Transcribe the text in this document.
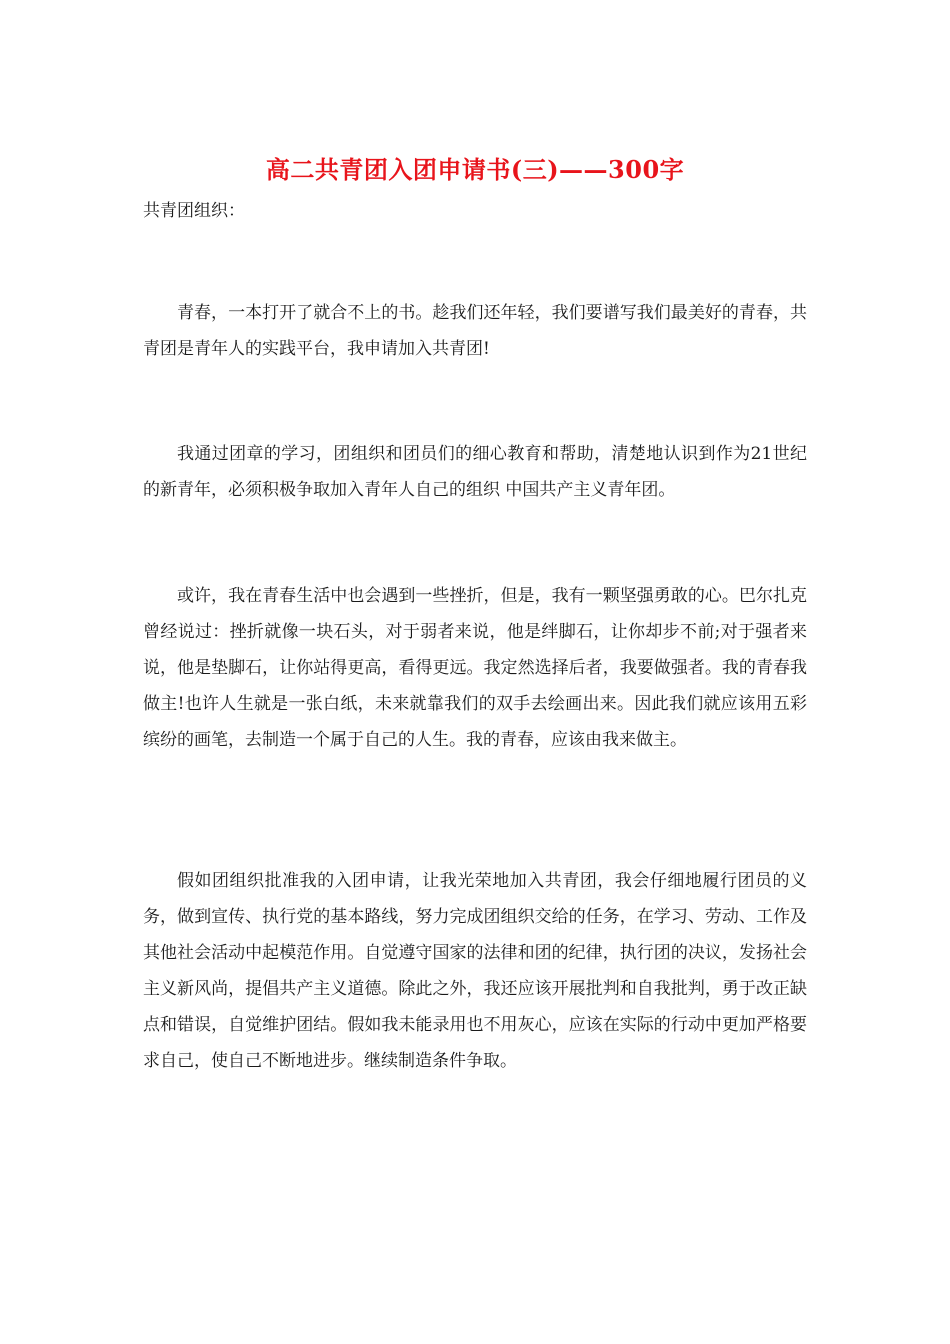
高二共青团入团申请书(三)——300字
共青团组织：

青春，一本打开了就合不上的书。趁我们还年轻，我们要谱写我们最美好的青春，共青团是青年人的实践平台，我申请加入共青团!

我通过团章的学习，团组织和团员们的细心教育和帮助，清楚地认识到作为21世纪的新青年，必须积极争取加入青年人自己的组织 中国共产主义青年团。

或许，我在青春生活中也会遇到一些挫折，但是，我有一颗坚强勇敢的心。巴尔扎克曾经说过：挫折就像一块石头，对于弱者来说，他是绊脚石，让你却步不前;对于强者来说，他是垫脚石，让你站得更高，看得更远。我定然选择后者，我要做强者。我的青春我做主!也许人生就是一张白纸，未来就靠我们的双手去绘画出来。因此我们就应该用五彩缤纷的画笔，去制造一个属于自己的人生。我的青春，应该由我来做主。

假如团组织批准我的入团申请，让我光荣地加入共青团，我会仔细地履行团员的义务，做到宣传、执行党的基本路线，努力完成团组织交给的任务，在学习、劳动、工作及其他社会活动中起模范作用。自觉遵守国家的法律和团的纪律，执行团的决议，发扬社会主义新风尚，提倡共产主义道德。除此之外，我还应该开展批判和自我批判，勇于改正缺点和错误，自觉维护团结。假如我未能录用也不用灰心，应该在实际的行动中更加严格要求自己，使自己不断地进步。继续制造条件争取。
